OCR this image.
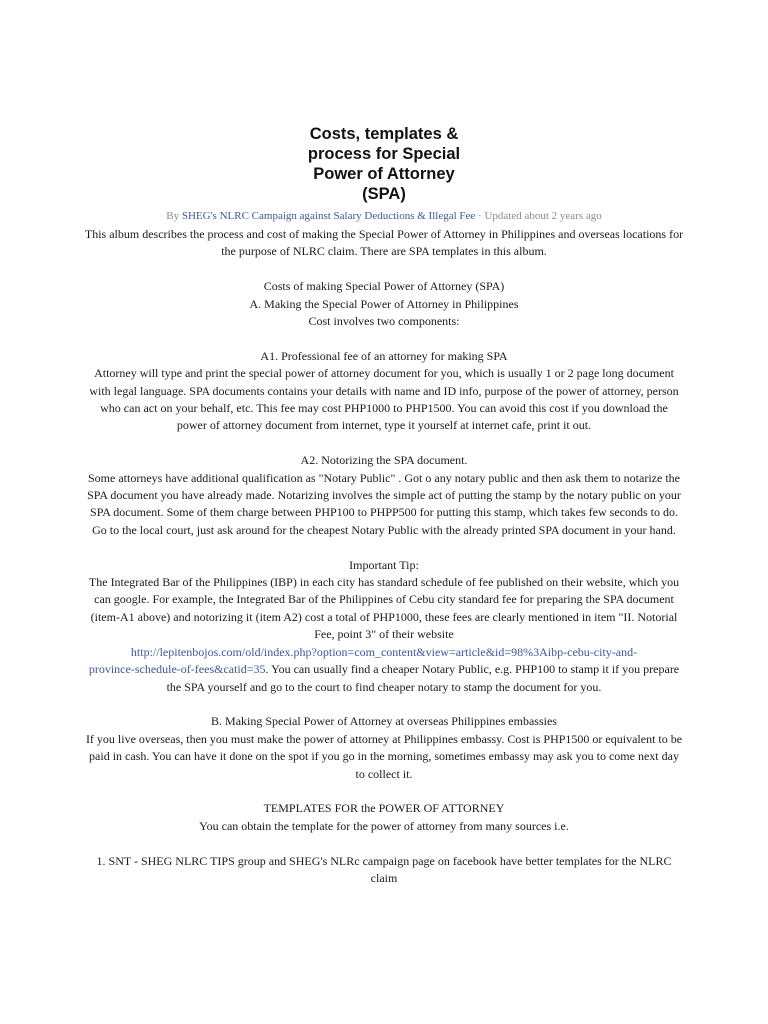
Costs, templates &
process for Special
Power of Attorney
(SPA)
By SHEG's NLRC Campaign against Salary Deductions & Illegal Fee · Updated about 2 years ago

This album describes the process and cost of making the Special Power of Attorney in Philippines and overseas locations for the purpose of NLRC claim. There are SPA templates in this album.

Costs of making Special Power of Attorney (SPA)
A. Making the Special Power of Attorney in Philippines
Cost involves two components:

A1. Professional fee of an attorney for making SPA
Attorney will type and print the special power of attorney document for you, which is usually 1 or 2 page long document with legal language. SPA documents contains your details with name and ID info, purpose of the power of attorney, person who can act on your behalf, etc. This fee may cost PHP1000 to PHP1500. You can avoid this cost if you download the power of attorney document from internet, type it yourself at internet cafe, print it out.

A2. Notorizing the SPA document.
Some attorneys have additional qualification as "Notary Public" . Got o any notary public and then ask them to notarize the SPA document you have already made. Notarizing involves the simple act of putting the stamp by the notary public on your SPA document. Some of them charge between PHP100 to PHPP500 for putting this stamp, which takes few seconds to do. Go to the local court, just ask around for the cheapest Notary Public with the already printed SPA document in your hand.

Important Tip:
The Integrated Bar of the Philippines (IBP) in each city has standard schedule of fee published on their website, which you can google. For example, the Integrated Bar of the Philippines of Cebu city standard fee for preparing the SPA document (item-A1 above) and notorizing it (item A2) cost a total of PHP1000, these fees are clearly mentioned in item "II. Notorial Fee, point 3" of their website
http://lepitenbojos.com/old/index.php?option=com_content&view=article&id=98%3Aibp-cebu-city-and-
province-schedule-of-fees&catid=35. You can usually find a cheaper Notary Public, e.g. PHP100 to stamp it if you prepare the SPA yourself and go to the court to find cheaper notary to stamp the document for you.

B. Making Special Power of Attorney at overseas Philippines embassies
If you live overseas, then you must make the power of attorney at Philippines embassy. Cost is PHP1500 or equivalent to be paid in cash. You can have it done on the spot if you go in the morning, sometimes embassy may ask you to come next day to collect it.

TEMPLATES FOR the POWER OF ATTORNEY
You can obtain the template for the power of attorney from many sources i.e.

1. SNT - SHEG NLRC TIPS group and SHEG's NLRc campaign page on facebook have better templates for the NLRC claim
